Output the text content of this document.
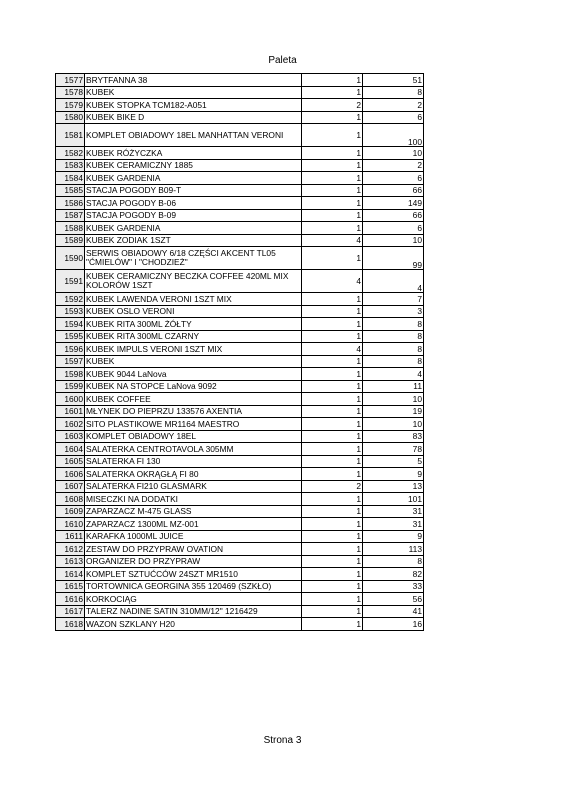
Paleta
1577	BRYTFANNA 38	1	51
1578	KUBEK	1	8
1579	KUBEK STOPKA TCM182-A051	2	2
1580	KUBEK BIKE D	1	6
1581	KOMPLET OBIADOWY 18EL MANHATTAN VERONI	1	100
1582	KUBEK RÓŻYCZKA	1	10
1583	KUBEK CERAMICZNY 1885	1	2
1584	KUBEK GARDENIA	1	6
1585	STACJA POGODY B09-T	1	66
1586	STACJA POGODY B-06	1	149
1587	STACJA POGODY B-09	1	66
1588	KUBEK GARDENIA	1	6
1589	KUBEK ZODIAK 1SZT	4	10
1590	SERWIS OBIADOWY 6/18 CZĘŚCI AKCENT TL05 "ĆMIELÓW" I "CHODZIEŻ"	1	99
1591	KUBEK CERAMICZNY BECZKA COFFEE 420ML MIX KOLORÓW 1SZT	4	4
1592	KUBEK LAWENDA VERONI 1SZT MIX	1	7
1593	KUBEK OSLO VERONI	1	3
1594	KUBEK RITA 300ML ŻÓŁTY	1	8
1595	KUBEK RITA 300ML CZARNY	1	8
1596	KUBEK IMPULS VERONI 1SZT MIX	4	8
1597	KUBEK	1	8
1598	KUBEK 9044 LaNova	1	4
1599	KUBEK NA STOPCE LaNova 9092	1	11
1600	KUBEK COFFEE	1	10
1601	MŁYNEK DO PIEPRZU 133576 AXENTIA	1	19
1602	SITO PLASTIKOWE MR1164 MAESTRO	1	10
1603	KOMPLET OBIADOWY 18EL	1	83
1604	SALATERKA CENTROTAVOLA 305MM	1	78
1605	SALATERKA FI 130	1	5
1606	SALATERKA OKRĄGŁĄ FI 80	1	9
1607	SALATERKA FI210 GLASMARK	2	13
1608	MISECZKI NA DODATKI	1	101
1609	ZAPARZACZ M-475 GLASS	1	31
1610	ZAPARZACZ 1300ML MZ-001	1	31
1611	KARAFKA 1000ML JUICE	1	9
1612	ZESTAW DO PRZYPRAW OVATION	1	113
1613	ORGANIZER DO PRZYPRAW	1	8
1614	KOMPLET SZTUĆCÓW 24SZT MR1510	1	82
1615	TORTOWNICA GEORGINA 355 120469 (SZKŁO)	1	33
1616	KORKOCIĄG	1	56
1617	TALERZ NADINE SATIN 310MM/12" 1216429	1	41
1618	WAZON SZKLANY H20	1	16
Strona 3
